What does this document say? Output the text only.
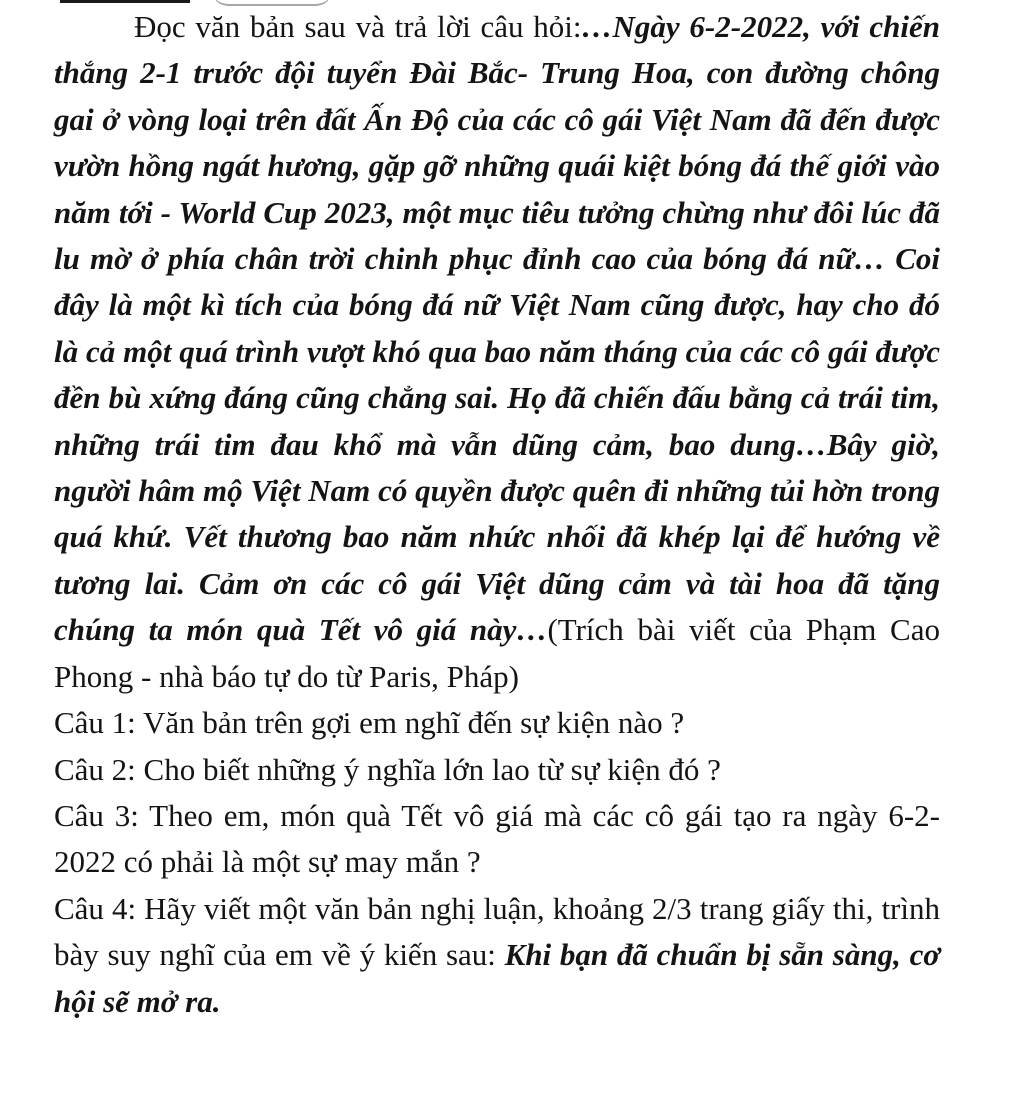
Đọc văn bản sau và trả lời câu hỏi:…Ngày 6-2-2022, với chiến thắng 2-1 trước đội tuyển Đài Bắc- Trung Hoa, con đường chông gai ở vòng loại trên đất Ấn Độ của các cô gái Việt Nam đã đến được vườn hồng ngát hương, gặp gỡ những quái kiệt bóng đá thế giới vào năm tới - World Cup 2023, một mục tiêu tưởng chừng như đôi lúc đã lu mờ ở phía chân trời chinh phục đỉnh cao của bóng đá nữ… Coi đây là một kì tích của bóng đá nữ Việt Nam cũng được, hay cho đó là cả một quá trình vượt khó qua bao năm tháng của các cô gái được đền bù xứng đáng cũng chẳng sai. Họ đã chiến đấu bằng cả trái tim, những trái tim đau khổ mà vẫn dũng cảm, bao dung…Bây giờ, người hâm mộ Việt Nam có quyền được quên đi những tủi hờn trong quá khứ. Vết thương bao năm nhức nhối đã khép lại để hướng về tương lai. Cảm ơn các cô gái Việt dũng cảm và tài hoa đã tặng chúng ta món quà Tết vô giá này…(Trích bài viết của Phạm Cao Phong - nhà báo tự do từ Paris, Pháp)

Câu 1: Văn bản trên gợi em nghĩ đến sự kiện nào ?

Câu 2: Cho biết những ý nghĩa lớn lao từ sự kiện đó ?

Câu 3: Theo em, món quà Tết vô giá mà các cô gái tạo ra ngày 6-2-2022 có phải là một sự may mắn ?

Câu 4: Hãy viết một văn bản nghị luận, khoảng 2/3 trang giấy thi, trình bày suy nghĩ của em về ý kiến sau: Khi bạn đã chuẩn bị sẵn sàng, cơ hội sẽ mở ra.
